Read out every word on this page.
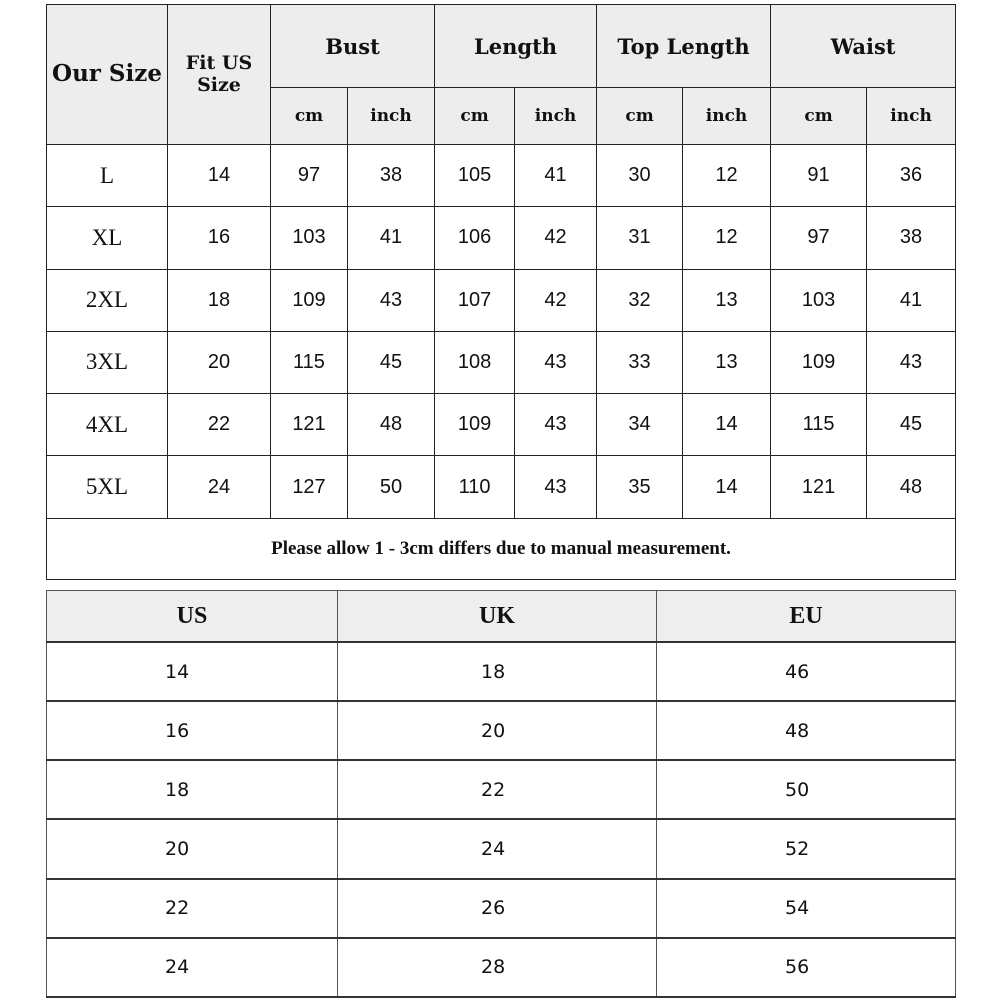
Our Size	Fit US
Size	Bust		Length		Top Length		Waist	
		cm	inch	cm	inch	cm	inch	cm	inch
L	14	97	38	105	41	30	12	91	36
XL	16	103	41	106	42	31	12	97	38
2XL	18	109	43	107	42	32	13	103	41
3XL	20	115	45	108	43	33	13	109	43
4XL	22	121	48	109	43	34	14	115	45
5XL	24	127	50	110	43	35	14	121	48
Please allow 1 - 3cm differs due to manual measurement.									
US	UK	EU
14	18	46
16	20	48
18	22	50
20	24	52
22	26	54
24	28	56
